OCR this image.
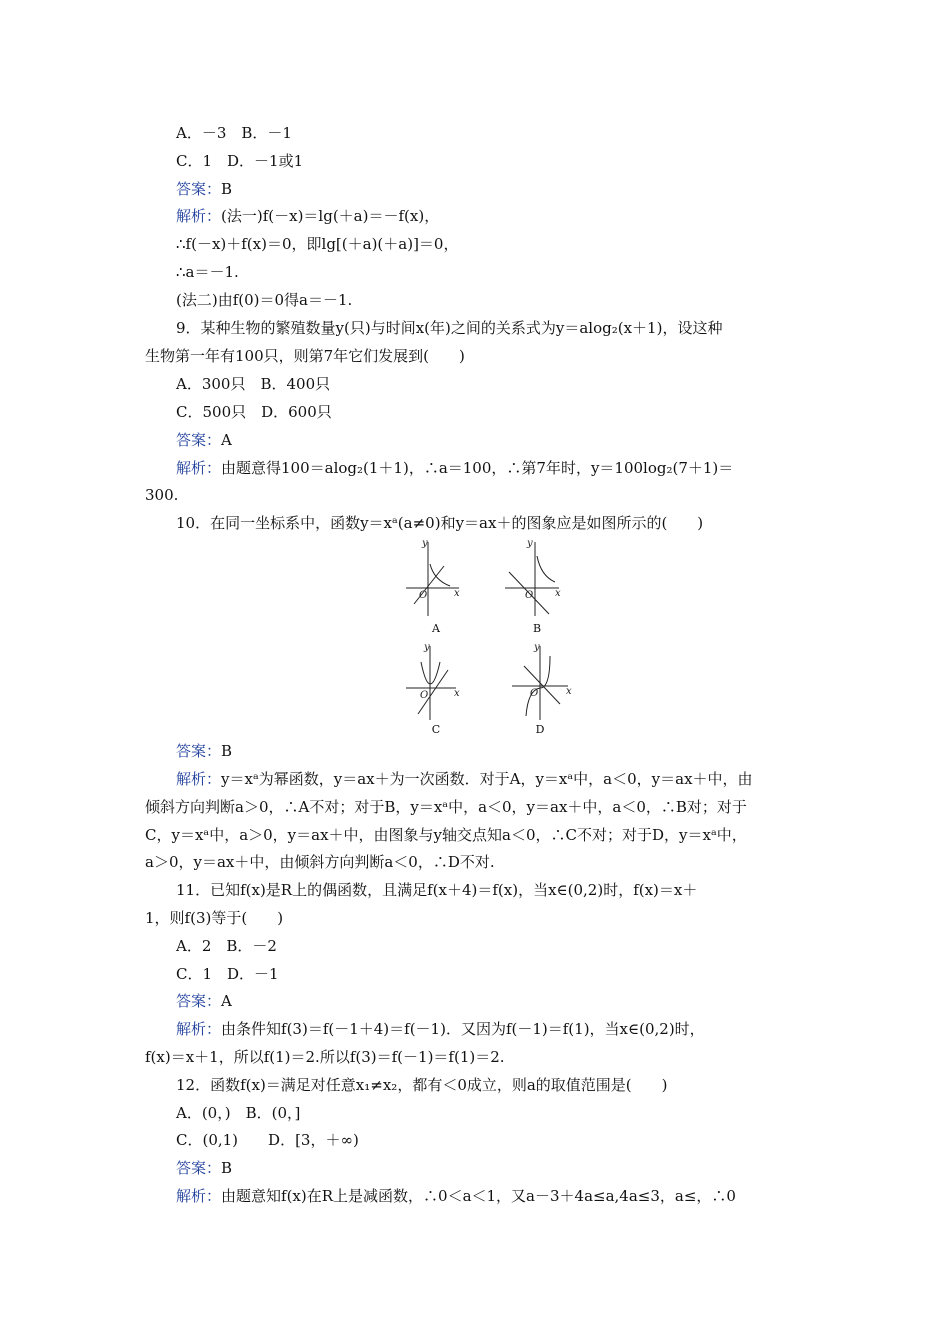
A．－3　B．－1
C．1　D．－1或1
答案：B
解析：(法一)f(－x)＝lg(＋a)＝－f(x)，
∴f(－x)＋f(x)＝0，即lg[(＋a)(＋a)]＝0，
∴a＝－1.
(法二)由f(0)＝0得a＝－1.
9．某种生物的繁殖数量y(只)与时间x(年)之间的关系式为y＝alog₂(x＋1)，设这种
生物第一年有100只，则第7年它们发展到(　　)
A．300只　B．400只
C．500只　D．600只
答案：A
解析：由题意得100＝alog₂(1＋1)，∴a＝100，∴第7年时，y＝100log₂(7＋1)＝
300.
10．在同一坐标系中，函数y＝xᵃ(a≠0)和y＝ax＋的图象应是如图所示的(　　)
y
x
O
A
y
x
O
B
y
x
O
C
y
x
O
D
答案：B
解析：y＝xᵃ为幂函数，y＝ax＋为一次函数．对于A，y＝xᵃ中，a＜0，y＝ax＋中，由
倾斜方向判断a＞0，∴A不对；对于B，y＝xᵃ中，a＜0，y＝ax＋中，a＜0，∴B对；对于
C，y＝xᵃ中，a＞0，y＝ax＋中，由图象与y轴交点知a＜0，∴C不对；对于D，y＝xᵃ中，
a＞0，y＝ax＋中，由倾斜方向判断a＜0，∴D不对.
11．已知f(x)是R上的偶函数，且满足f(x＋4)＝f(x)，当x∈(0,2)时，f(x)＝x＋
1，则f(3)等于(　　)
A．2　B．－2
C．1　D．－1
答案：A
解析：由条件知f(3)＝f(－1＋4)＝f(－1)．又因为f(－1)＝f(1)，当x∈(0,2)时，
f(x)＝x＋1，所以f(1)＝2.所以f(3)＝f(－1)＝f(1)＝2.
12．函数f(x)＝满足对任意x₁≠x₂，都有＜0成立，则a的取值范围是(　　)
A．(0，)　B．(0，]
C．(0,1)　　D．[3，＋∞)
答案：B
解析：由题意知f(x)在R上是减函数，∴0＜a＜1，又a－3＋4a≤a,4a≤3，a≤，∴0
